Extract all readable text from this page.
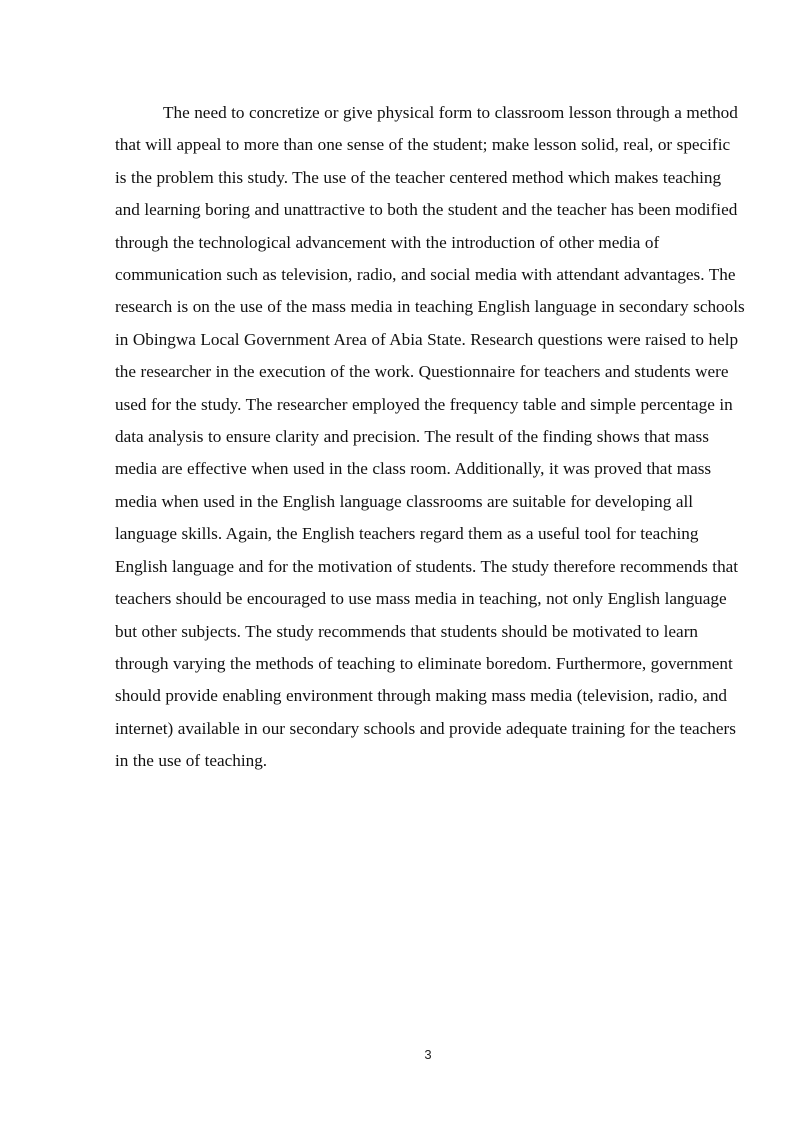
The need to concretize or give physical form to classroom lesson through a method that will appeal to more than one sense of the student; make lesson solid, real, or specific is the problem this study. The use of the teacher centered method which makes teaching and learning boring and unattractive to both the student and the teacher has been modified through the technological advancement with the introduction of other media of communication such as television, radio, and social media with attendant advantages. The research is on the use of the mass media in teaching English language in secondary schools in Obingwa Local Government Area of Abia State. Research questions were raised to help the researcher in the execution of the work. Questionnaire for teachers and students were used for the study. The researcher employed the frequency table and simple percentage in data analysis to ensure clarity and precision. The result of the finding shows that mass media are effective when used in the class room. Additionally, it was proved that mass media when used in the English language classrooms are suitable for developing all language skills. Again, the English teachers regard them as a useful tool for teaching English language and for the motivation of students. The study therefore recommends that teachers should be encouraged to use mass media in teaching, not only English language but other subjects. The study recommends that students should be motivated to learn through varying the methods of teaching to eliminate boredom. Furthermore, government should provide enabling environment through making mass media (television, radio, and internet) available in our secondary schools and provide adequate training for the teachers in the use of teaching.

3
